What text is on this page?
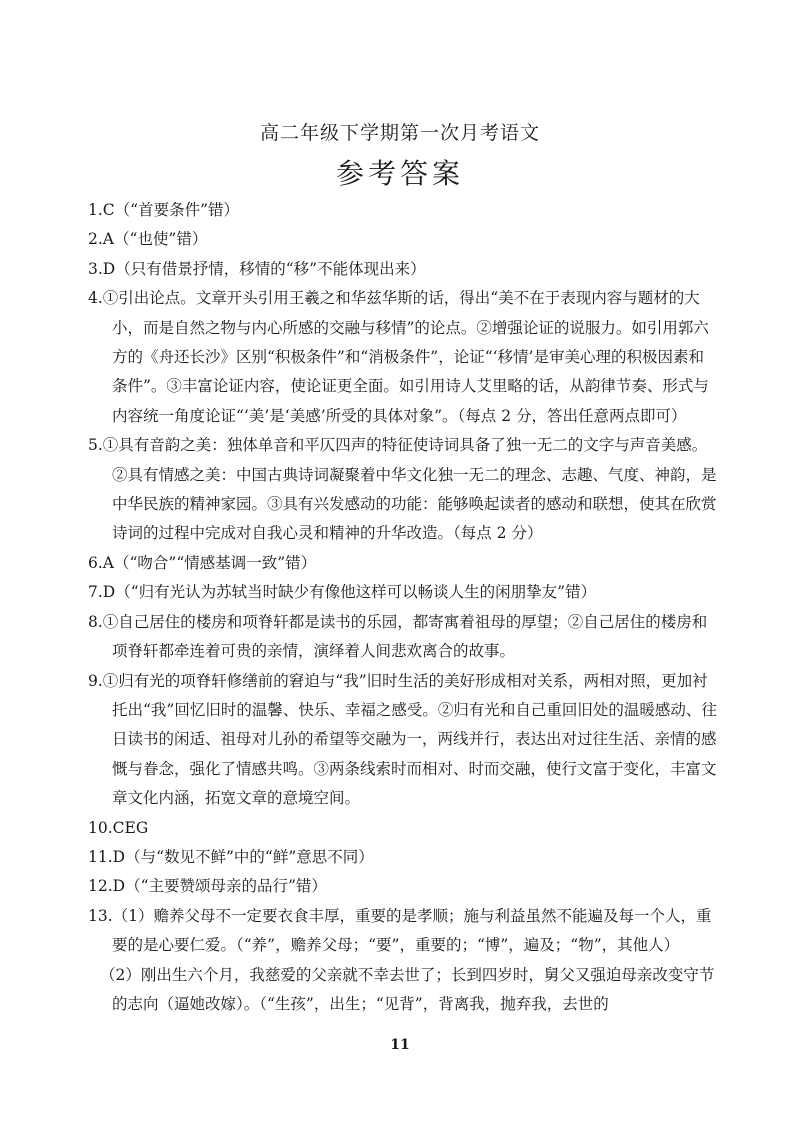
高二年级下学期第一次月考语文
参考答案
1.C（“首要条件”错）
2.A（“也使”错）
3.D（只有借景抒情，移情的“移”不能体现出来）
4.①引出论点。文章开头引用王羲之和华兹华斯的话，得出“美不在于表现内容与题材的大小，而是自然之物与内心所感的交融与移情”的论点。②增强论证的说服力。如引用郭六方的《舟还长沙》区别“积极条件”和“消极条件”，论证“‘移情’是审美心理的积极因素和条件”。③丰富论证内容，使论证更全面。如引用诗人艾里略的话，从韵律节奏、形式与内容统一角度论证“‘美’是‘美感’所受的具体对象”。（每点 2 分，答出任意两点即可）
5.①具有音韵之美：独体单音和平仄四声的特征使诗词具备了独一无二的文字与声音美感。②具有情感之美：中国古典诗词凝聚着中华文化独一无二的理念、志趣、气度、神韵，是中华民族的精神家园。③具有兴发感动的功能：能够唤起读者的感动和联想，使其在欣赏诗词的过程中完成对自我心灵和精神的升华改造。（每点 2 分）
6.A（“吻合”“情感基调一致”错）
7.D（“归有光认为苏轼当时缺少有像他这样可以畅谈人生的闲朋挚友”错）
8.①自己居住的楼房和项脊轩都是读书的乐园，都寄寓着祖母的厚望；②自己居住的楼房和项脊轩都牵连着可贵的亲情，演绎着人间悲欢离合的故事。
9.①归有光的项脊轩修缮前的窘迫与“我”旧时生活的美好形成相对关系，两相对照，更加衬托出“我”回忆旧时的温馨、快乐、幸福之感受。②归有光和自己重回旧处的温暖感动、往日读书的闲适、祖母对儿孙的希望等交融为一，两线并行，表达出对过往生活、亲情的感慨与眷念，强化了情感共鸣。③两条线索时而相对、时而交融，使行文富于变化，丰富文章文化内涵，拓宽文章的意境空间。
10.CEG
11.D（与“数见不鲜”中的“鲜”意思不同）
12.D（“主要赞颂母亲的品行”错）
13.（1）赡养父母不一定要衣食丰厚，重要的是孝顺；施与利益虽然不能遍及每一个人，重要的是心要仁爱。（“养”，赡养父母；“要”，重要的；“博”，遍及；“物”，其他人）
（2）刚出生六个月，我慈爱的父亲就不幸去世了；长到四岁时，舅父又强迫母亲改变守节的志向（逼她改嫁）。（“生孩”，出生；“见背”，背离我，抛弃我，去世的
11
